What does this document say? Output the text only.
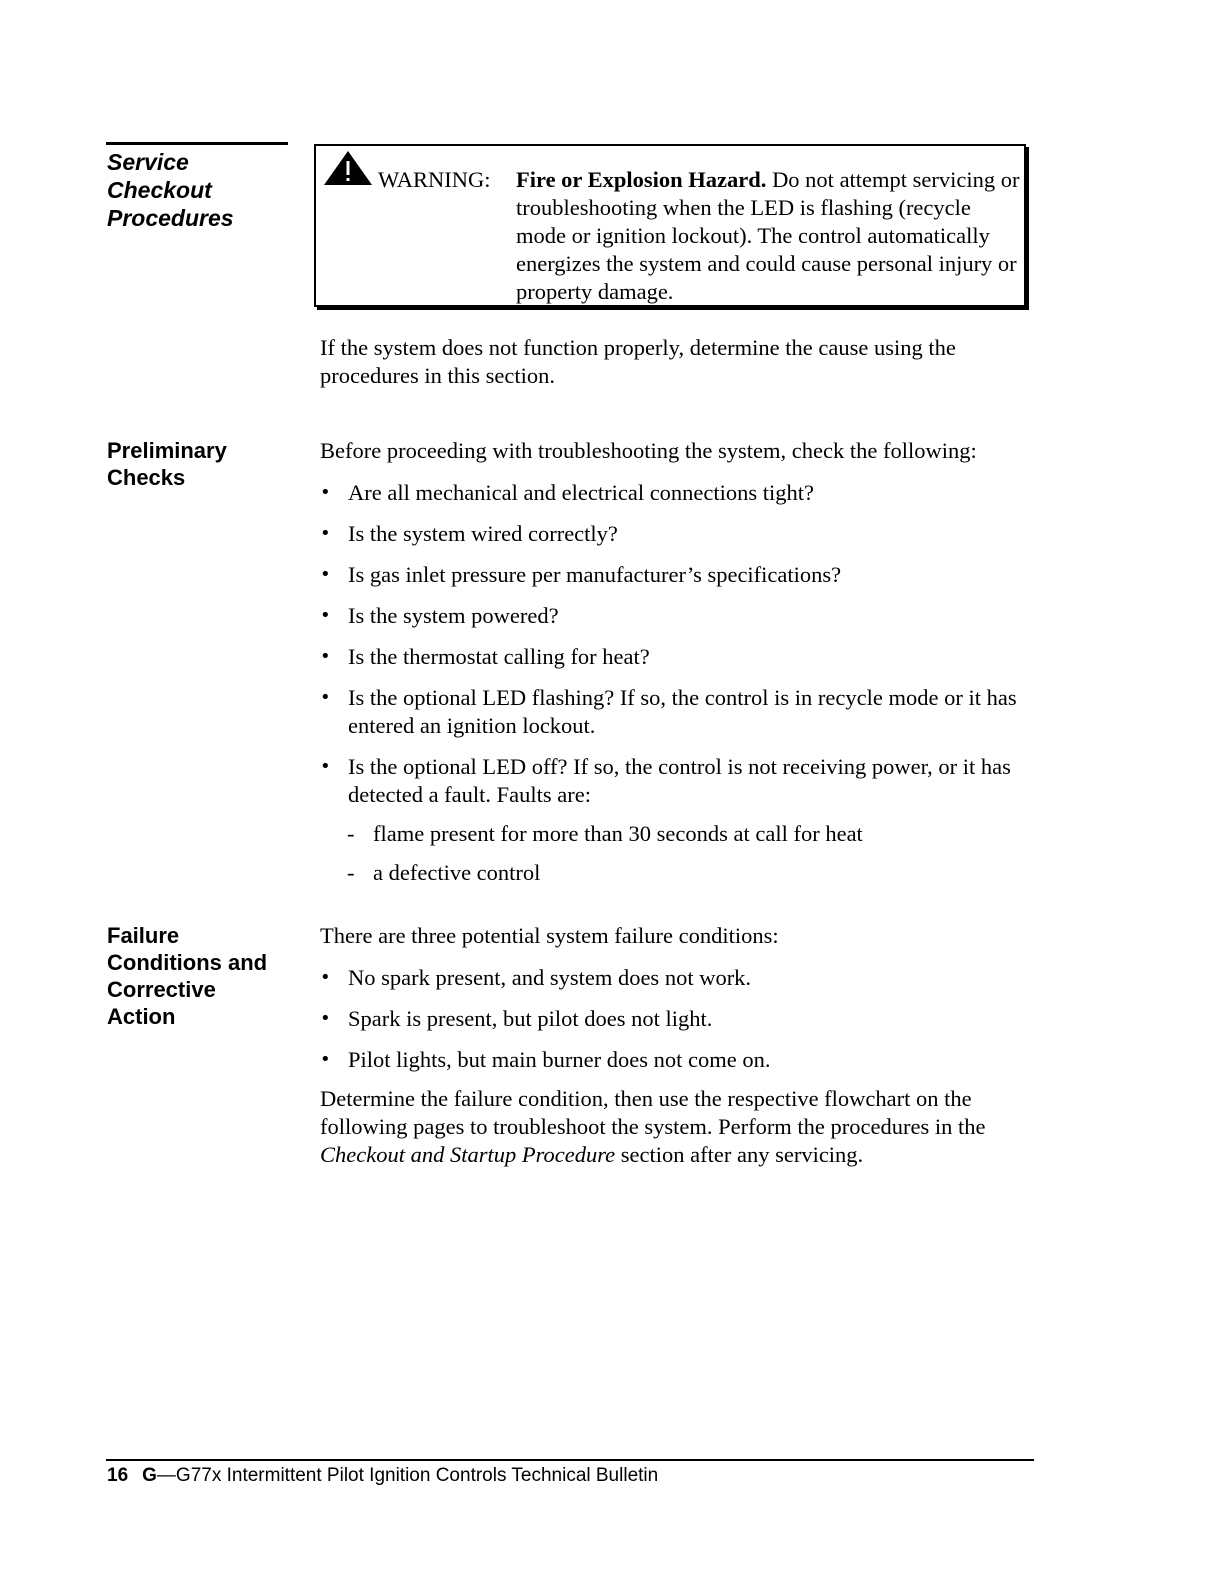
Service
Checkout
Procedures
WARNING: Fire or Explosion Hazard. Do not attempt servicing or troubleshooting when the LED is flashing (recycle mode or ignition lockout). The control automatically energizes the system and could cause personal injury or property damage.
If the system does not function properly, determine the cause using the procedures in this section.
Preliminary
Checks
Before proceeding with troubleshooting the system, check the following:
• Are all mechanical and electrical connections tight?
• Is the system wired correctly?
• Is gas inlet pressure per manufacturer’s specifications?
• Is the system powered?
• Is the thermostat calling for heat?
• Is the optional LED flashing? If so, the control is in recycle mode or it has entered an ignition lockout.
• Is the optional LED off? If so, the control is not receiving power, or it has detected a fault. Faults are:
- flame present for more than 30 seconds at call for heat
- a defective control
Failure
Conditions and
Corrective
Action
There are three potential system failure conditions:
• No spark present, and system does not work.
• Spark is present, but pilot does not light.
• Pilot lights, but main burner does not come on.
Determine the failure condition, then use the respective flowchart on the following pages to troubleshoot the system. Perform the procedures in the Checkout and Startup Procedure section after any servicing.
16 G—G77x Intermittent Pilot Ignition Controls Technical Bulletin
